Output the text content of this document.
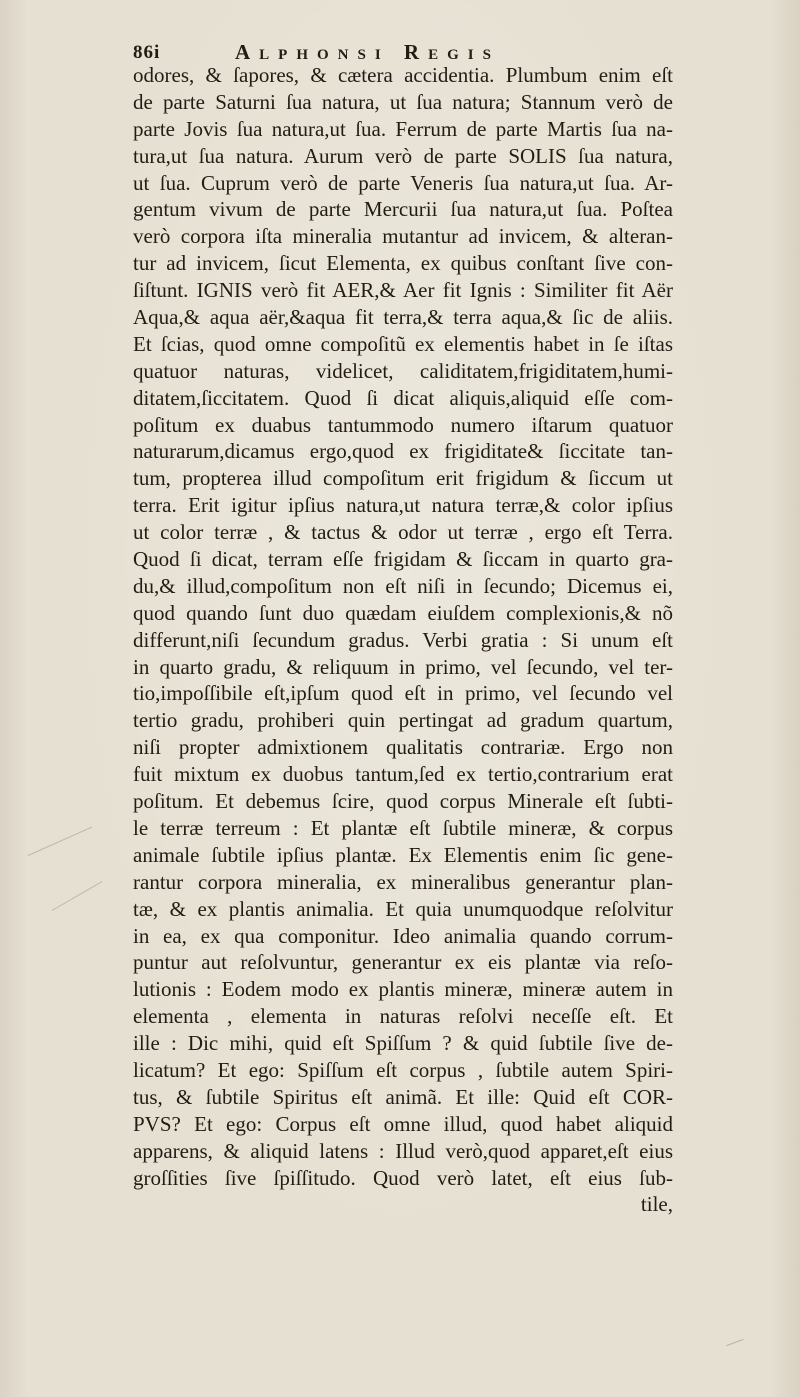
86i	Alphonsi Regis
odores, & ſapores, & cætera accidentia. Plumbum enim eſt
de parte Saturni ſua natura, ut ſua natura; Stannum verò de
parte Jovis ſua natura,ut ſua. Ferrum de parte Martis ſua na-
tura,ut ſua natura. Aurum verò de parte SOLIS ſua natura,
ut ſua. Cuprum verò de parte Veneris ſua natura,ut ſua. Ar-
gentum vivum de parte Mercurii ſua natura,ut ſua. Poſtea
verò corpora iſta mineralia mutantur ad invicem, & alteran-
tur ad invicem, ſicut Elementa, ex quibus conſtant ſive con-
ſiſtunt. IGNIS verò fit AER,& Aer fit Ignis : Similiter fit Aër
Aqua,& aqua aër,&aqua fit terra,& terra aqua,& ſic de aliis.
Et ſcias, quod omne compoſitũ ex elementis habet in ſe iſtas
quatuor naturas, videlicet, caliditatem,frigiditatem,humi-
ditatem,ſiccitatem. Quod ſi dicat aliquis,aliquid eſſe com-
poſitum ex duabus tantummodo numero iſtarum quatuor
naturarum,dicamus ergo,quod ex frigiditate& ſiccitate tan-
tum, propterea illud compoſitum erit frigidum & ſiccum ut
terra. Erit igitur ipſius natura,ut natura terræ,& color ipſius
ut color terræ , & tactus & odor ut terræ , ergo eſt Terra.
Quod ſi dicat, terram eſſe frigidam & ſiccam in quarto gra-
du,& illud,compoſitum non eſt niſi in ſecundo; Dicemus ei,
quod quando ſunt duo quædam eiuſdem complexionis,& nõ
differunt,niſi ſecundum gradus. Verbi gratia : Si unum eſt
in quarto gradu, & reliquum in primo, vel ſecundo, vel ter-
tio,impoſſibile eſt,ipſum quod eſt in primo, vel ſecundo vel
tertio gradu, prohiberi quin pertingat ad gradum quartum,
niſi propter admixtionem qualitatis contrariæ. Ergo non
fuit mixtum ex duobus tantum,ſed ex tertio,contrarium erat
poſitum. Et debemus ſcire, quod corpus Minerale eſt ſubti-
le terræ terreum : Et plantæ eſt ſubtile mineræ, & corpus
animale ſubtile ipſius plantæ. Ex Elementis enim ſic gene-
rantur corpora mineralia, ex mineralibus generantur plan-
tæ, & ex plantis animalia. Et quia unumquodque reſolvitur
in ea, ex qua componitur. Ideo animalia quando corrum-
puntur aut reſolvuntur, generantur ex eis plantæ via reſo-
lutionis : Eodem modo ex plantis mineræ, mineræ autem in
elementa , elementa in naturas reſolvi neceſſe eſt. Et
ille : Dic mihi, quid eſt Spiſſum ? & quid ſubtile ſive de-
licatum? Et ego: Spiſſum eſt corpus , ſubtile autem Spiri-
tus, & ſubtile Spiritus eſt animã. Et ille: Quid eſt COR-
PVS? Et ego: Corpus eſt omne illud, quod habet aliquid
apparens, & aliquid latens : Illud verò,quod apparet,eſt eius
groſſities ſive ſpiſſitudo. Quod verò latet, eſt eius ſub-
tile,
